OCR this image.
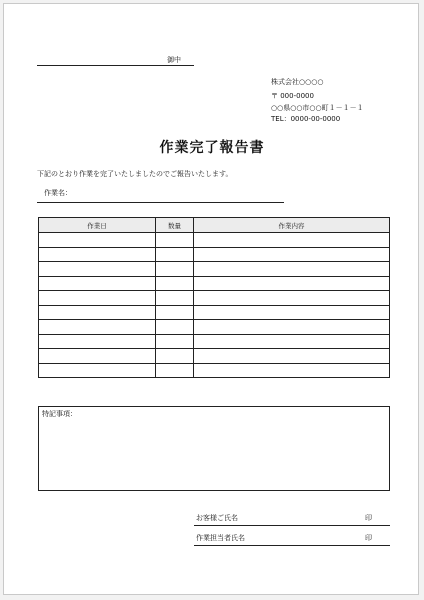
御中
株式会社○○○○
〒 000-0000
○○県○○市○○町１－１－１
TEL：0000-00-0000
作業完了報告書
下記のとおり作業を完了いたしましたのでご報告いたします。
作業名：
作業日	数量	作業内容

特記事項：
お客様ご氏名	印
作業担当者氏名	印
